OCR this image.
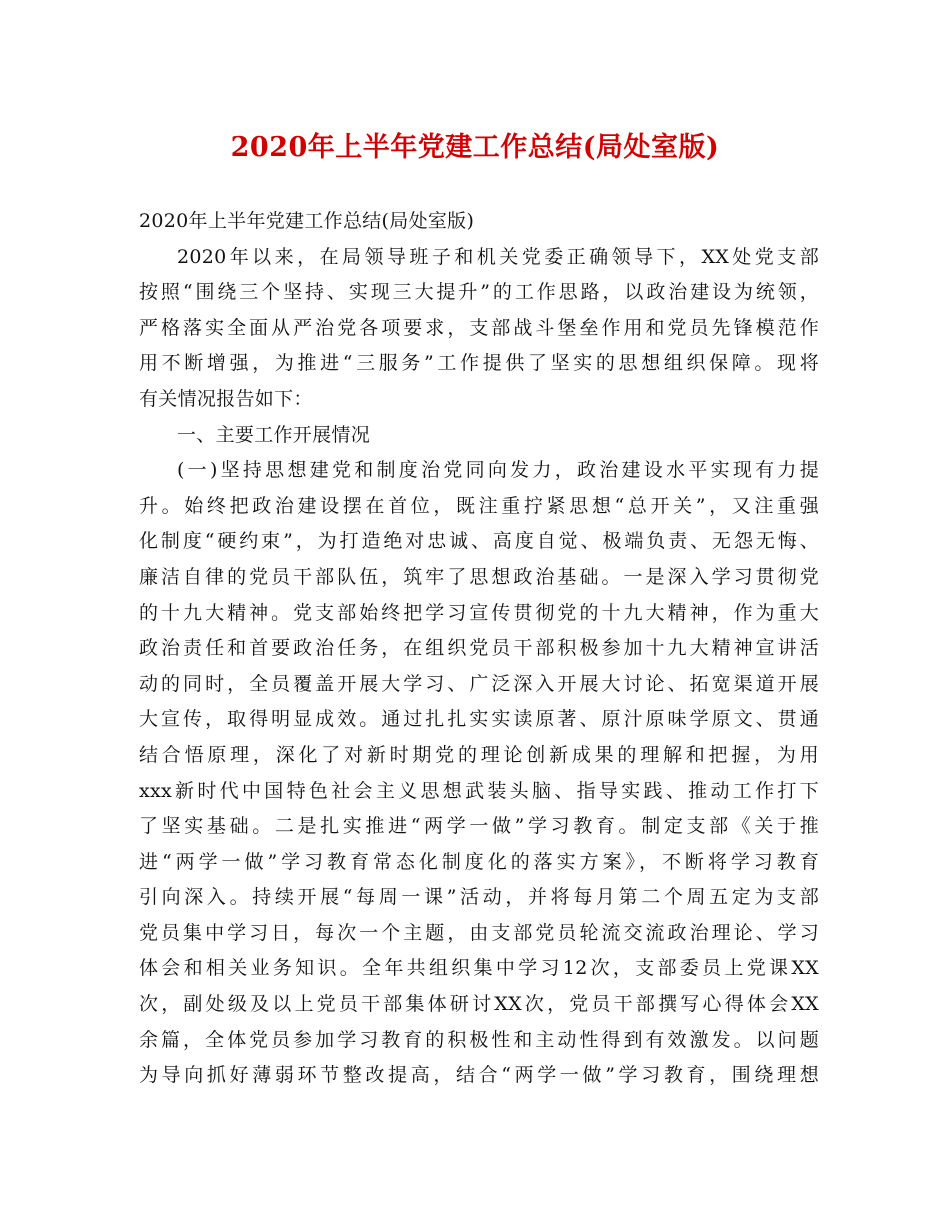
2020年上半年党建工作总结(局处室版)
2020年上半年党建工作总结(局处室版)
2020年以来，在局领导班子和机关党委正确领导下，XX处党支部
按照“围绕三个坚持、实现三大提升”的工作思路，以政治建设为统领，
严格落实全面从严治党各项要求，支部战斗堡垒作用和党员先锋模范作
用不断增强，为推进“三服务”工作提供了坚实的思想组织保障。现将
有关情况报告如下：
一、主要工作开展情况
(一)坚持思想建党和制度治党同向发力，政治建设水平实现有力提
升。始终把政治建设摆在首位，既注重拧紧思想“总开关”，又注重强
化制度“硬约束”，为打造绝对忠诚、高度自觉、极端负责、无怨无悔、
廉洁自律的党员干部队伍，筑牢了思想政治基础。一是深入学习贯彻党
的十九大精神。党支部始终把学习宣传贯彻党的十九大精神，作为重大
政治责任和首要政治任务，在组织党员干部积极参加十九大精神宣讲活
动的同时，全员覆盖开展大学习、广泛深入开展大讨论、拓宽渠道开展
大宣传，取得明显成效。通过扎扎实实读原著、原汁原味学原文、贯通
结合悟原理，深化了对新时期党的理论创新成果的理解和把握，为用
xxx新时代中国特色社会主义思想武装头脑、指导实践、推动工作打下
了坚实基础。二是扎实推进“两学一做”学习教育。制定支部《关于推
进“两学一做”学习教育常态化制度化的落实方案》，不断将学习教育
引向深入。持续开展“每周一课”活动，并将每月第二个周五定为支部
党员集中学习日，每次一个主题，由支部党员轮流交流政治理论、学习
体会和相关业务知识。全年共组织集中学习12次，支部委员上党课XX
次，副处级及以上党员干部集体研讨XX次，党员干部撰写心得体会XX
余篇，全体党员参加学习教育的积极性和主动性得到有效激发。以问题
为导向抓好薄弱环节整改提高，结合“两学一做”学习教育，围绕理想
